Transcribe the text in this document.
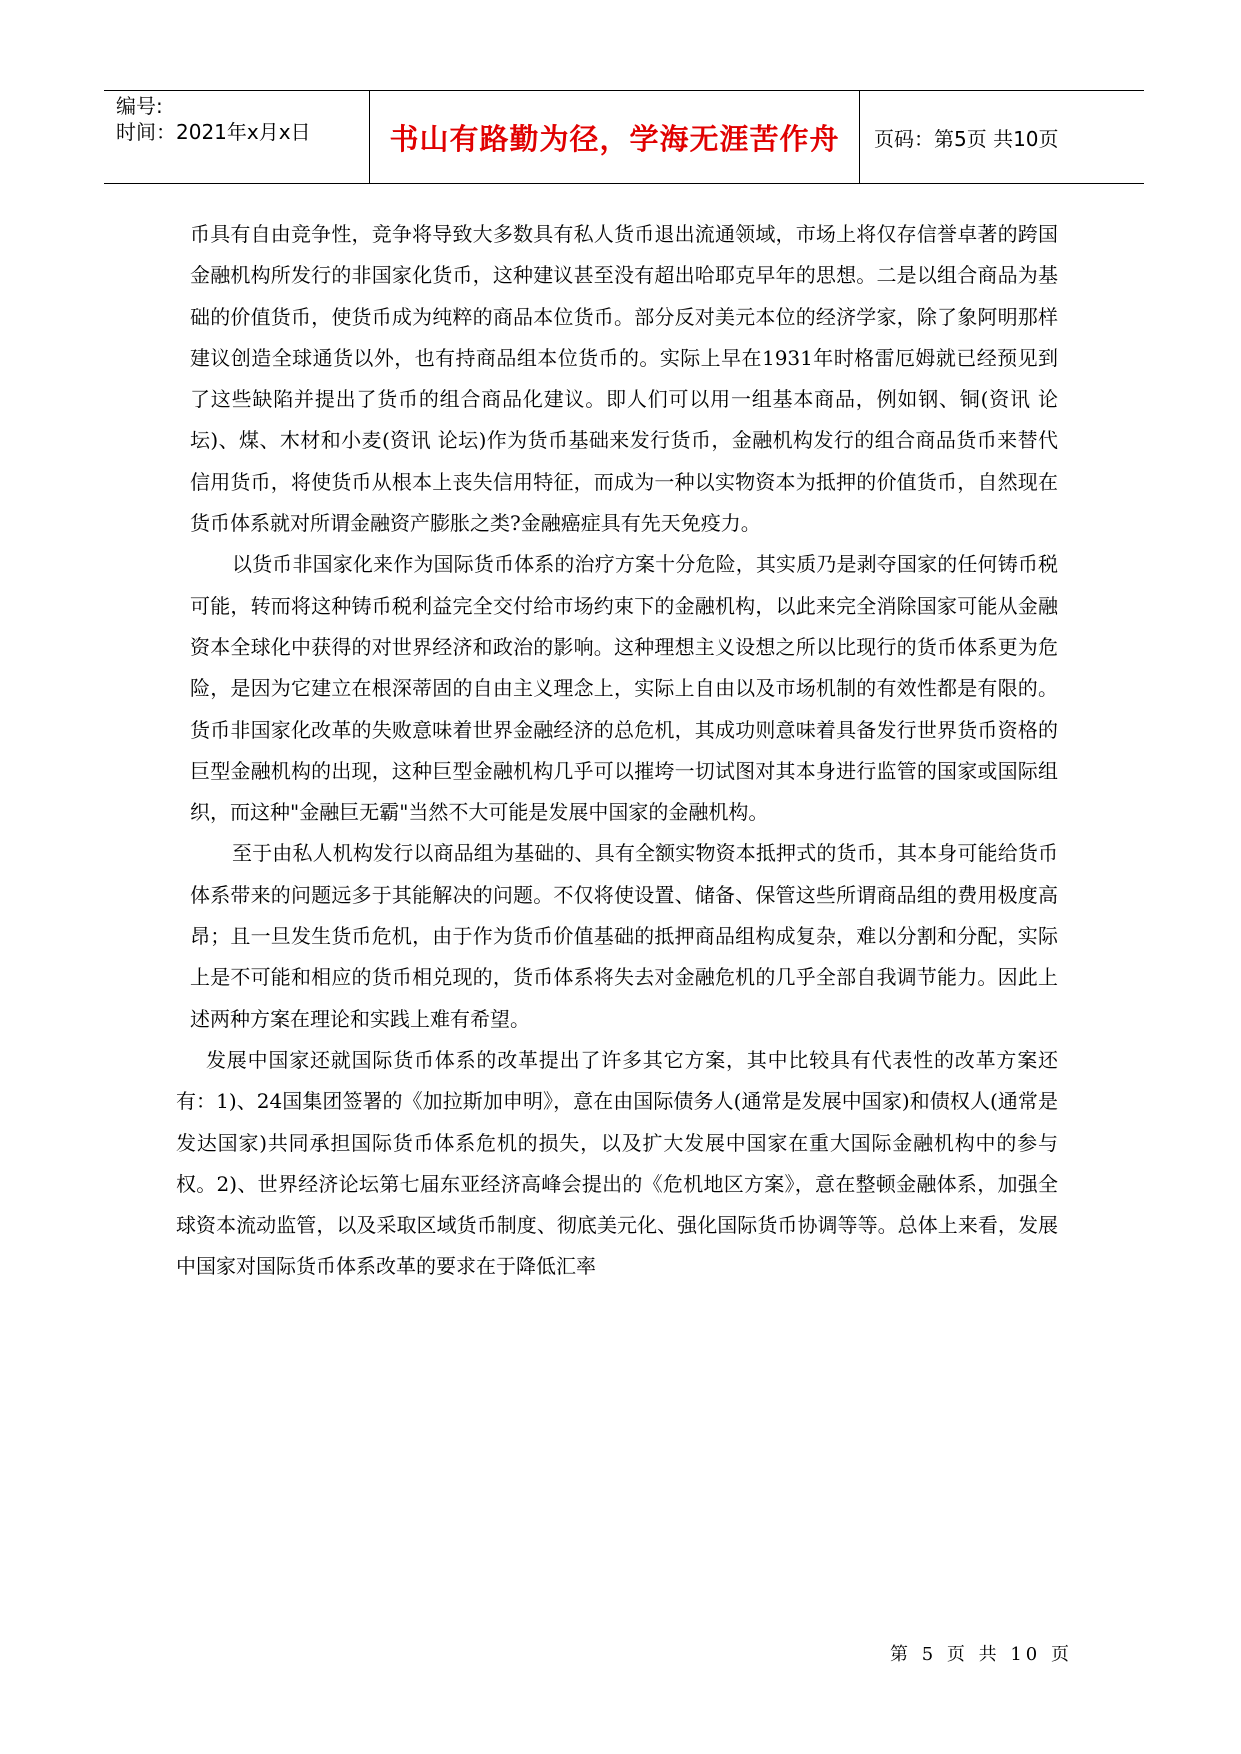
编号:
时间：2021年x月x日	书山有路勤为径，学海无涯苦作舟	页码：第5页 共10页

币具有自由竞争性，竞争将导致大多数具有私人货币退出流通领域，市场上将仅存信誉卓著的跨国金融机构所发行的非国家化货币，这种建议甚至没有超出哈耶克早年的思想。二是以组合商品为基础的价值货币，使货币成为纯粹的商品本位货币。部分反对美元本位的经济学家，除了象阿明那样建议创造全球通货以外，也有持商品组本位货币的。实际上早在1931年时格雷厄姆就已经预见到了这些缺陷并提出了货币的组合商品化建议。即人们可以用一组基本商品，例如钢、铜(资讯 论坛)、煤、木材和小麦(资讯 论坛)作为货币基础来发行货币，金融机构发行的组合商品货币来替代信用货币，将使货币从根本上丧失信用特征，而成为一种以实物资本为抵押的价值货币，自然现在货币体系就对所谓金融资产膨胀之类?金融癌症具有先天免疫力。

以货币非国家化来作为国际货币体系的治疗方案十分危险，其实质乃是剥夺国家的任何铸币税可能，转而将这种铸币税利益完全交付给市场约束下的金融机构，以此来完全消除国家可能从金融资本全球化中获得的对世界经济和政治的影响。这种理想主义设想之所以比现行的货币体系更为危险，是因为它建立在根深蒂固的自由主义理念上，实际上自由以及市场机制的有效性都是有限的。货币非国家化改革的失败意味着世界金融经济的总危机，其成功则意味着具备发行世界货币资格的巨型金融机构的出现，这种巨型金融机构几乎可以摧垮一切试图对其本身进行监管的国家或国际组织，而这种"金融巨无霸"当然不大可能是发展中国家的金融机构。

至于由私人机构发行以商品组为基础的、具有全额实物资本抵押式的货币，其本身可能给货币体系带来的问题远多于其能解决的问题。不仅将使设置、储备、保管这些所谓商品组的费用极度高昂；且一旦发生货币危机，由于作为货币价值基础的抵押商品组构成复杂，难以分割和分配，实际上是不可能和相应的货币相兑现的，货币体系将失去对金融危机的几乎全部自我调节能力。因此上述两种方案在理论和实践上难有希望。

发展中国家还就国际货币体系的改革提出了许多其它方案，其中比较具有代表性的改革方案还有：1)、24国集团签署的《加拉斯加申明》，意在由国际债务人(通常是发展中国家)和债权人(通常是发达国家)共同承担国际货币体系危机的损失，以及扩大发展中国家在重大国际金融机构中的参与权。2)、世界经济论坛第七届东亚经济高峰会提出的《危机地区方案》，意在整顿金融体系，加强全球资本流动监管，以及采取区域货币制度、彻底美元化、强化国际货币协调等等。总体上来看，发展中国家对国际货币体系改革的要求在于降低汇率

第 5 页 共 10 页
